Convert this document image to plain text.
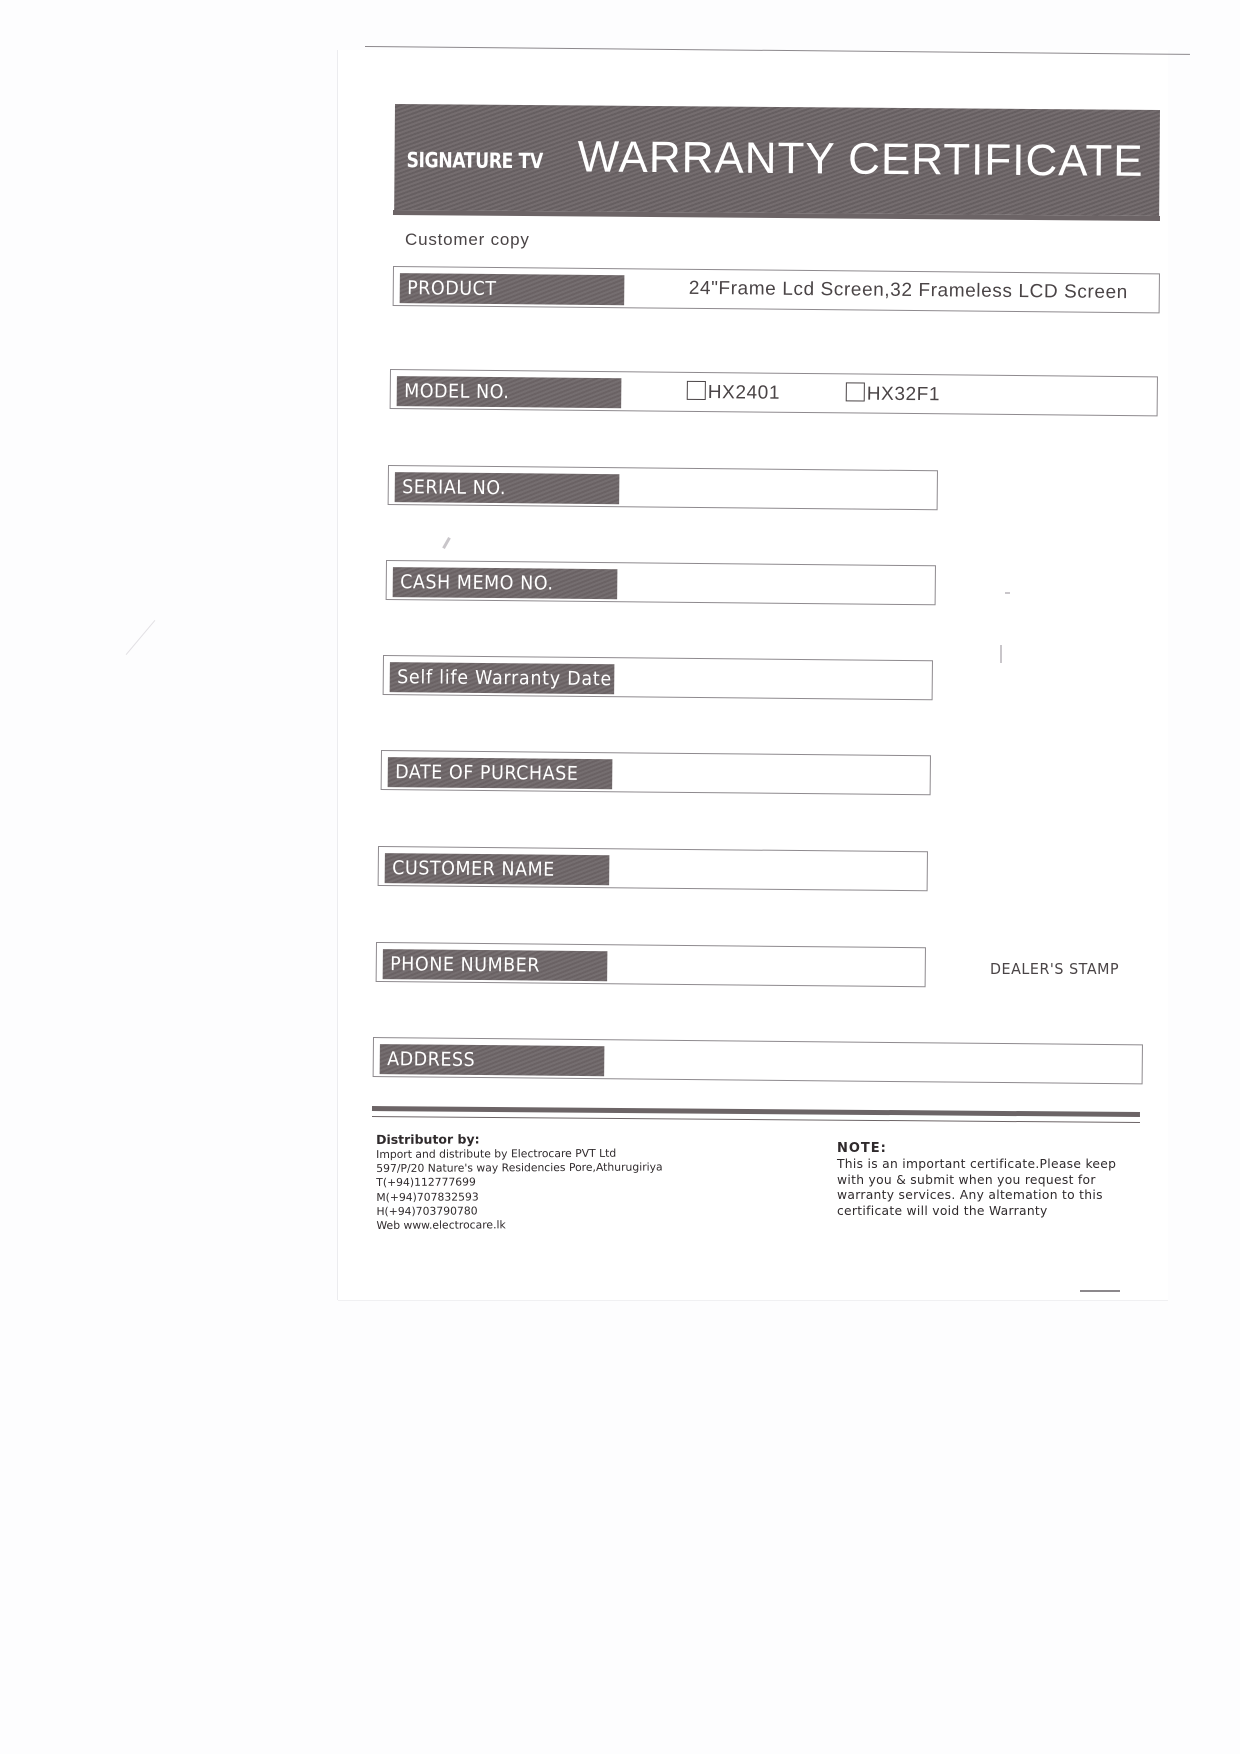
SIGNATURE TV WARRANTY CERTIFICATE
Customer copy
PRODUCT	24"Frame Lcd Screen,32 Frameless LCD Screen
MODEL NO.	HX2401	HX32F1
SERIAL NO.
CASH MEMO NO.
Self life Warranty Date
DATE OF PURCHASE
CUSTOMER NAME
PHONE NUMBER	DEALER'S STAMP
ADDRESS
Distributor by:
Import and distribute by Electrocare PVT Ltd
597/P/20 Nature's way Residencies Pore,Athurugiriya
T(+94)112777699
M(+94)707832593
H(+94)703790780
Web www.electrocare.lk
NOTE:
This is an important certificate.Please keep
with you & submit when you request for
warranty services. Any altemation to this
certificate will void the Warranty
